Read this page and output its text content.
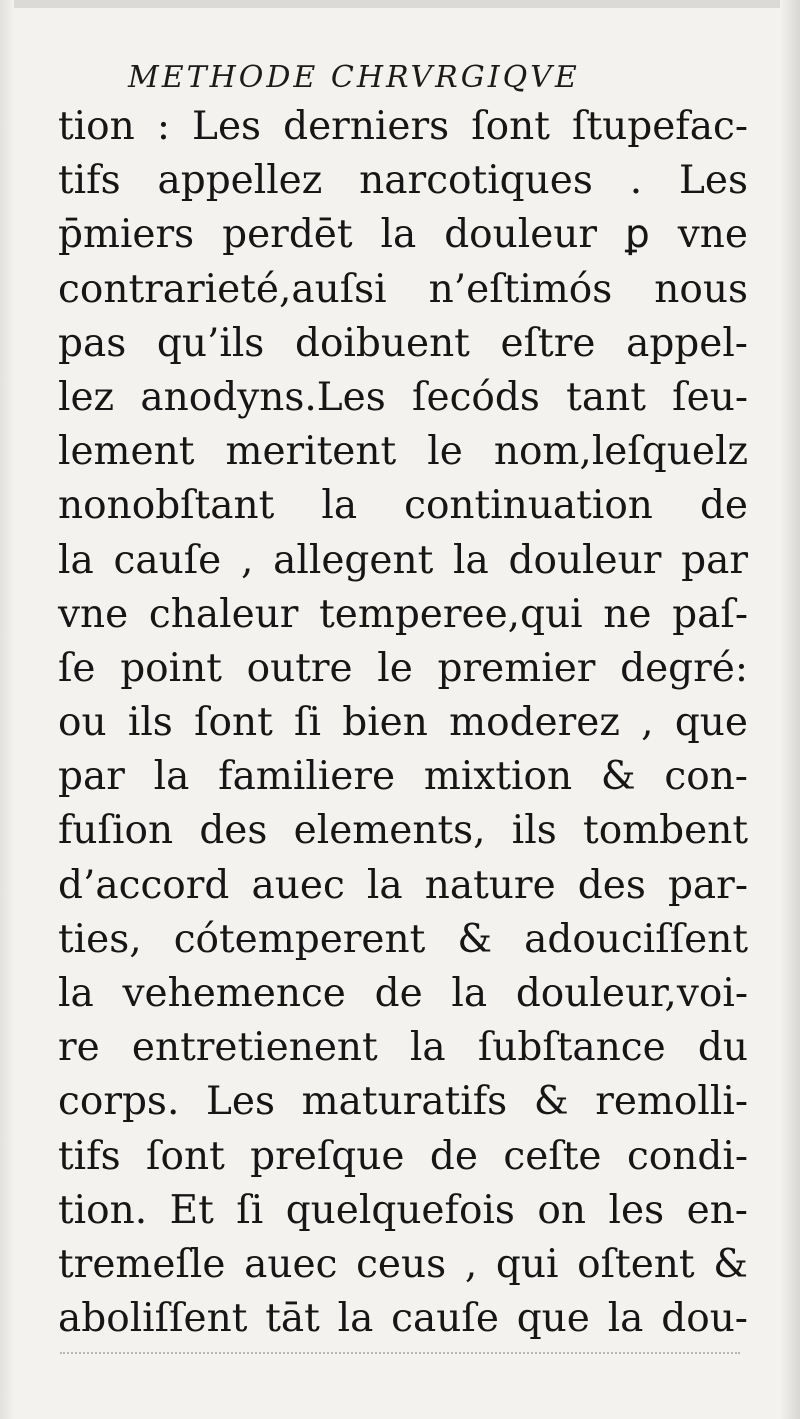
METHODE CHRVRGIQVE
tion : Les derniers ſont ſtupefac-
tifs appellez narcotiques . Les
p̄miers perdēt la douleur ꝑ vne
contrarieté,auſsi n’eſtimós nous
pas qu’ils doibuent eſtre appel-
lez anodyns.Les ſecóds tant ſeu-
lement meritent le nom,leſquelz
nonobſtant la continuation de
la cauſe , allegent la douleur par
vne chaleur temperee,qui ne paſ-
ſe point outre le premier degré:
ou ils ſont ſi bien moderez , que
par la familiere mixtion & con-
fuſion des elements, ils tombent
d’accord auec la nature des par-
ties, cótemperent & adouciſſent
la vehemence de la douleur,voi-
re entretienent la ſubſtance du
corps. Les maturatifs & remolli-
tifs ſont preſque de ceſte condi-
tion. Et ſi quelquefois on les en-
tremeſle auec ceus , qui oſtent &
aboliſſent tāt la cauſe que la dou-
